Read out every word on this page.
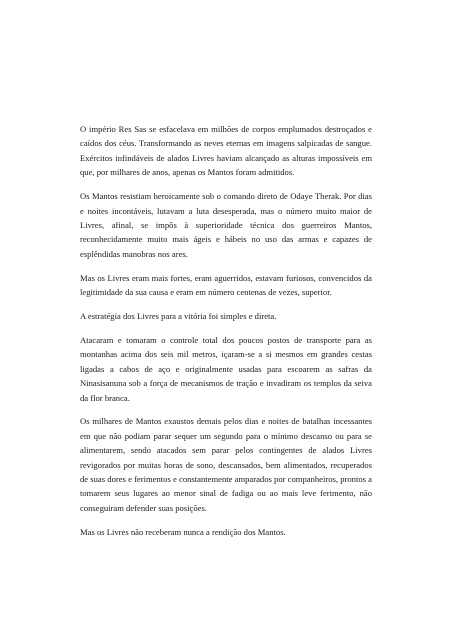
O império Res Sas se esfacelava em milhões de corpos emplumados destroçados e caídos dos céus. Transformando as neves eternas em imagens salpicadas de sangue. Exércitos infindáveis de alados Livres haviam alcançado as alturas impossíveis em que, por milhares de anos, apenas os Mantos foram admitidos.

Os Mantos resistiam heroicamente sob o comando direto de Odaye Therak. Por dias e noites incontáveis, lutavam a luta desesperada, mas o número muito maior de Livres, afinal, se impôs à superioridade técnica dos guerreiros Mantos, reconhecidamente muito mais ágeis e hábeis no uso das armas e capazes de esplêndidas manobras nos ares.

Mas os Livres eram mais fortes, eram aguerridos, estavam furiosos, convencidos da legitimidade da sua causa e eram em número centenas de vezes, superior.

A estratégia dos Livres para a vitória foi simples e direta.

Atacaram e tomaram o controle total dos poucos postos de transporte para as montanhas acima dos seis mil metros, içaram-se a si mesmos em grandes cestas ligadas a cabos de aço e originalmente usadas para escoarem as safras da Ninasisanuna sob a força de mecanismos de tração e invadiram os templos da seiva da flor branca.

Os milhares de Mantos exaustos demais pelos dias e noites de batalhas incessantes em que não podiam parar sequer um segundo para o mínimo descanso ou para se alimentarem, sendo atacados sem parar pelos contingentes de alados Livres revigorados por muitas horas de sono, descansados, bem alimentados, recuperados de suas dores e ferimentos e constantemente amparados por companheiros, prontos a tomarem seus lugares ao menor sinal de fadiga ou ao mais leve ferimento, não conseguiram defender suas posições.

Mas os Livres não receberam nunca a rendição dos Mantos.
